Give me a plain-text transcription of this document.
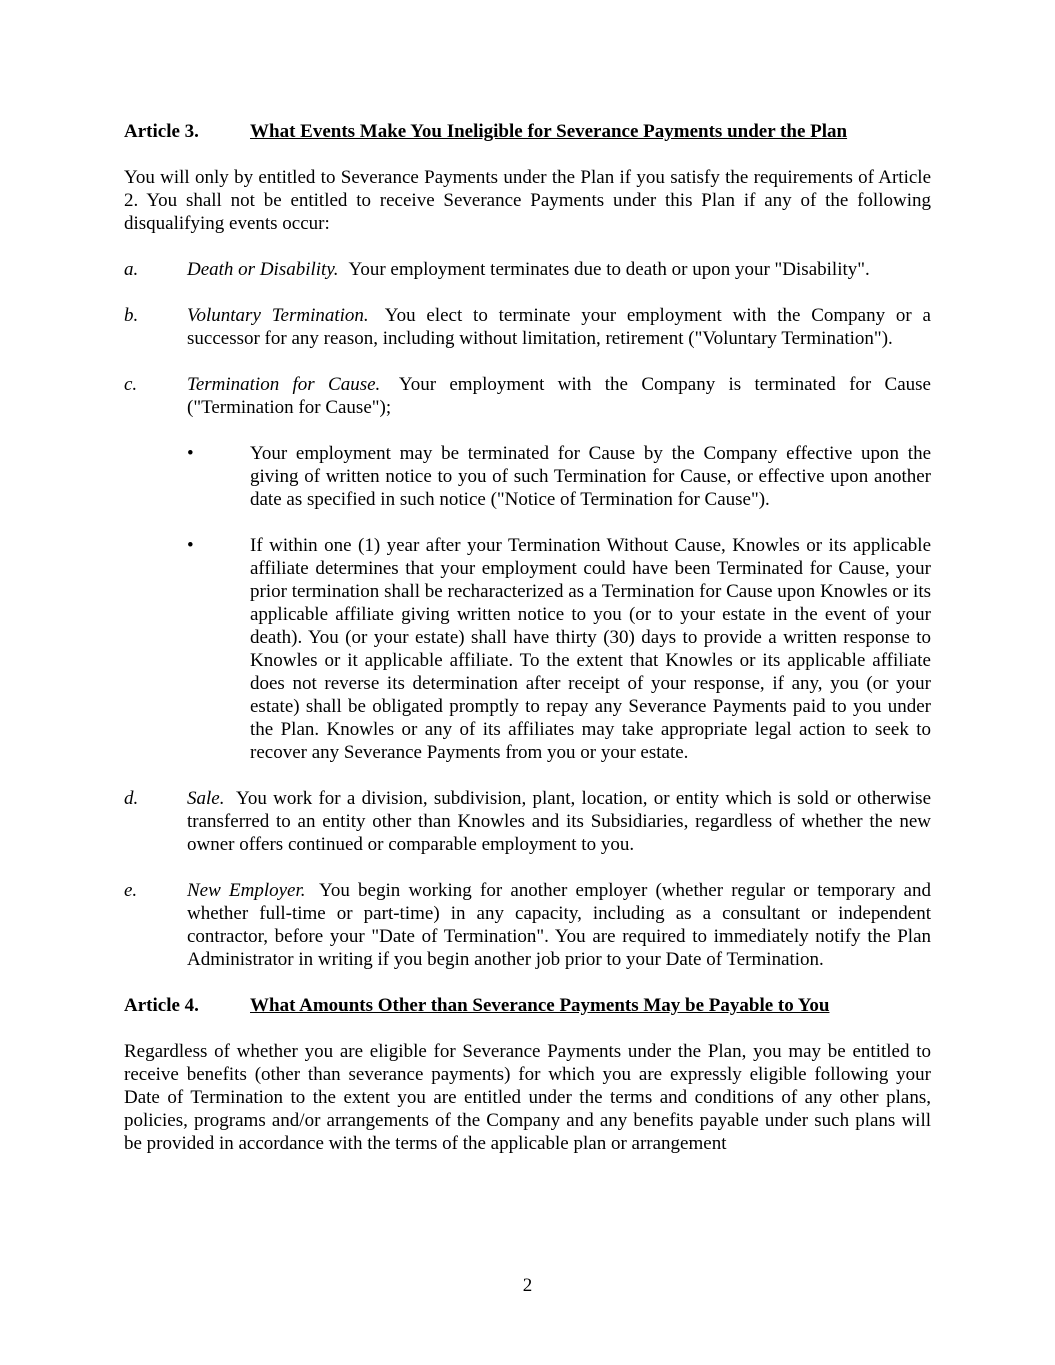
Article 3.	What Events Make You Ineligible for Severance Payments under the Plan

You will only by entitled to Severance Payments under the Plan if you satisfy the requirements of Article 2. You shall not be entitled to receive Severance Payments under this Plan if any of the following disqualifying events occur:

a.	Death or Disability. Your employment terminates due to death or upon your "Disability".

b.	Voluntary Termination. You elect to terminate your employment with the Company or a successor for any reason, including without limitation, retirement ("Voluntary Termination").

c.	Termination for Cause. Your employment with the Company is terminated for Cause ("Termination for Cause");

•	Your employment may be terminated for Cause by the Company effective upon the giving of written notice to you of such Termination for Cause, or effective upon another date as specified in such notice ("Notice of Termination for Cause").

•	If within one (1) year after your Termination Without Cause, Knowles or its applicable affiliate determines that your employment could have been Terminated for Cause, your prior termination shall be recharacterized as a Termination for Cause upon Knowles or its applicable affiliate giving written notice to you (or to your estate in the event of your death). You (or your estate) shall have thirty (30) days to provide a written response to Knowles or it applicable affiliate. To the extent that Knowles or its applicable affiliate does not reverse its determination after receipt of your response, if any, you (or your estate) shall be obligated promptly to repay any Severance Payments paid to you under the Plan. Knowles or any of its affiliates may take appropriate legal action to seek to recover any Severance Payments from you or your estate.

d.	Sale. You work for a division, subdivision, plant, location, or entity which is sold or otherwise transferred to an entity other than Knowles and its Subsidiaries, regardless of whether the new owner offers continued or comparable employment to you.

e.	New Employer. You begin working for another employer (whether regular or temporary and whether full-time or part-time) in any capacity, including as a consultant or independent contractor, before your "Date of Termination". You are required to immediately notify the Plan Administrator in writing if you begin another job prior to your Date of Termination.

Article 4.	What Amounts Other than Severance Payments May be Payable to You

Regardless of whether you are eligible for Severance Payments under the Plan, you may be entitled to receive benefits (other than severance payments) for which you are expressly eligible following your Date of Termination to the extent you are entitled under the terms and conditions of any other plans, policies, programs and/or arrangements of the Company and any benefits payable under such plans will be provided in accordance with the terms of the applicable plan or arrangement

2
